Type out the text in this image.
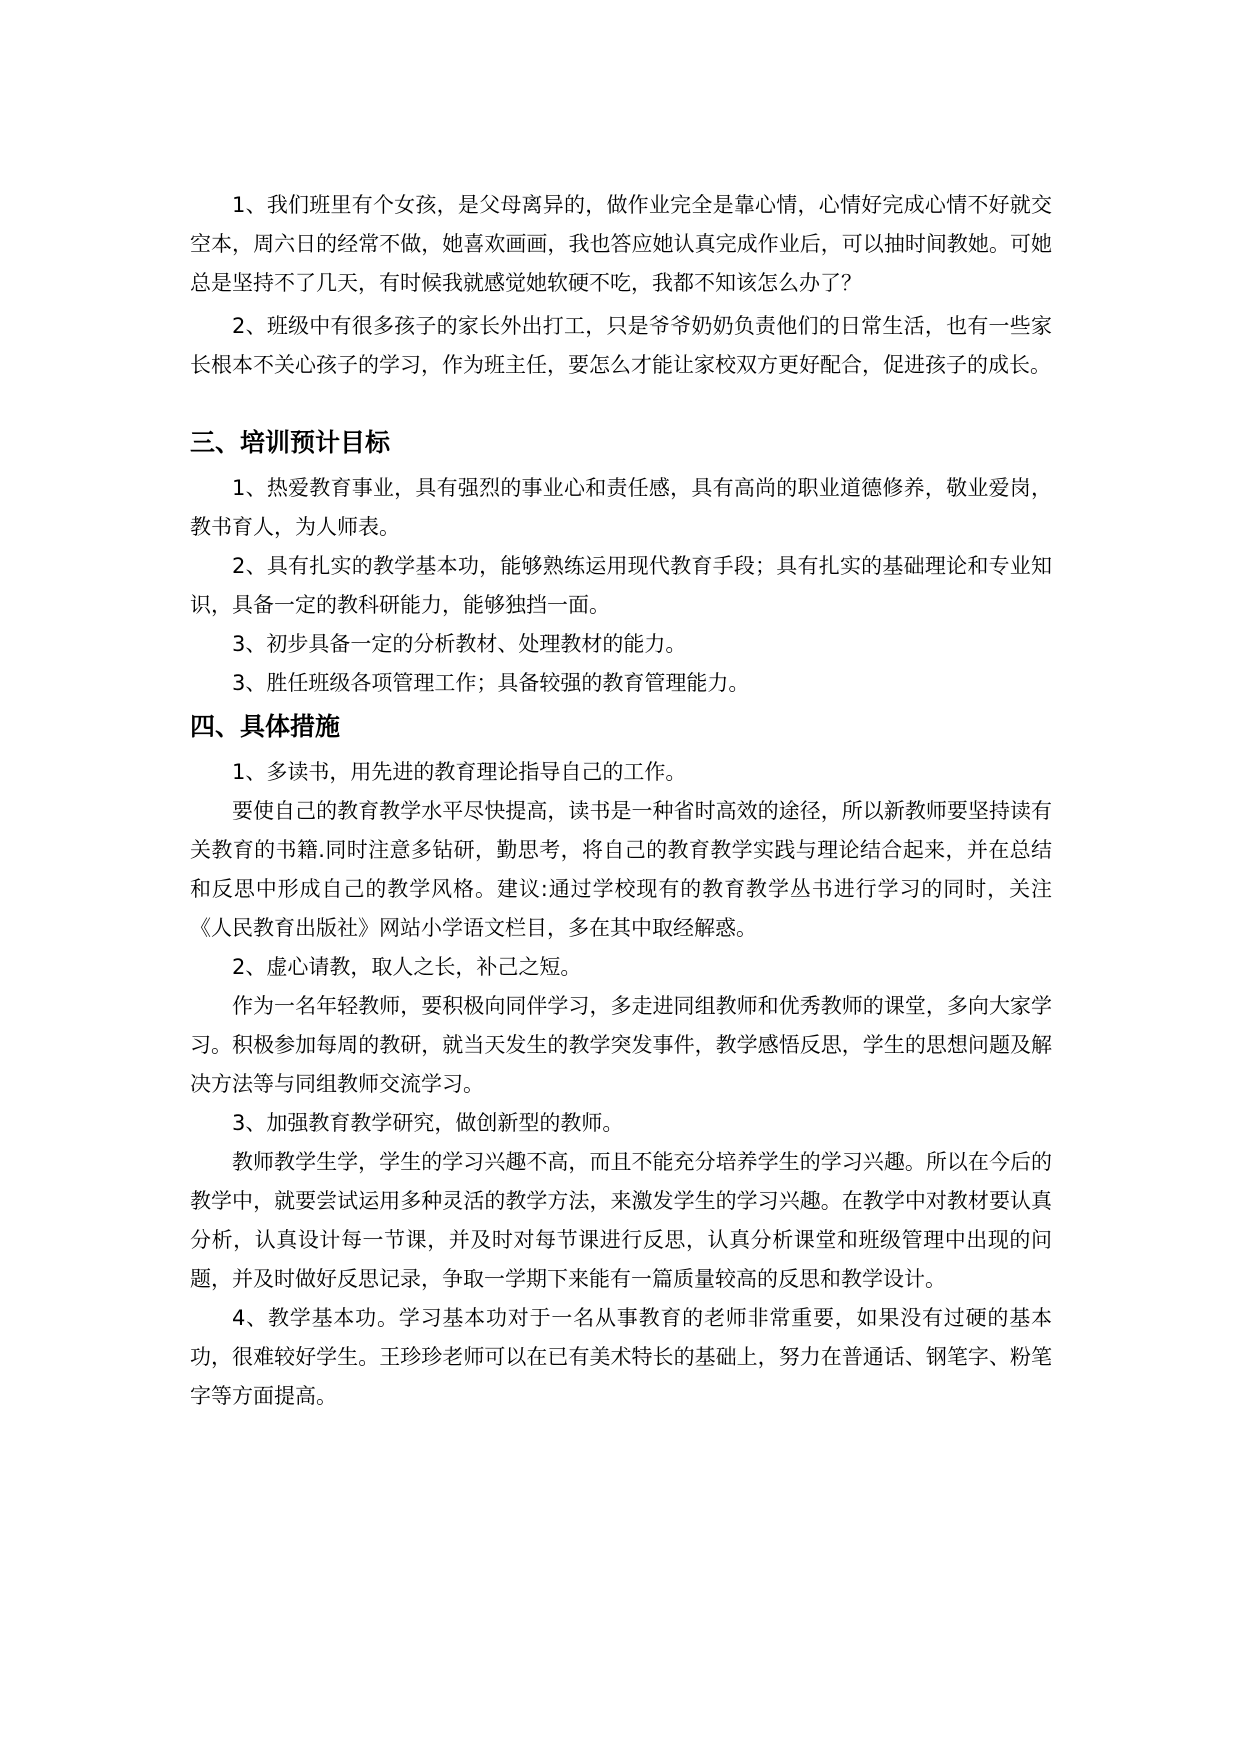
1、我们班里有个女孩，是父母离异的，做作业完全是靠心情，心情好完成心情不好就交空本，周六日的经常不做，她喜欢画画，我也答应她认真完成作业后，可以抽时间教她。可她总是坚持不了几天，有时候我就感觉她软硬不吃，我都不知该怎么办了？

2、班级中有很多孩子的家长外出打工，只是爷爷奶奶负责他们的日常生活，也有一些家长根本不关心孩子的学习，作为班主任，要怎么才能让家校双方更好配合，促进孩子的成长。

三、培训预计目标

1、热爱教育事业，具有强烈的事业心和责任感，具有高尚的职业道德修养，敬业爱岗，教书育人，为人师表。

2、具有扎实的教学基本功，能够熟练运用现代教育手段；具有扎实的基础理论和专业知识，具备一定的教科研能力，能够独挡一面。

3、初步具备一定的分析教材、处理教材的能力。

3、胜任班级各项管理工作；具备较强的教育管理能力。

四、具体措施

1、多读书，用先进的教育理论指导自己的工作。

要使自己的教育教学水平尽快提高，读书是一种省时高效的途径，所以新教师要坚持读有关教育的书籍.同时注意多钻研，勤思考，将自己的教育教学实践与理论结合起来，并在总结和反思中形成自己的教学风格。建议:通过学校现有的教育教学丛书进行学习的同时，关注《人民教育出版社》网站小学语文栏目，多在其中取经解惑。

2、虚心请教，取人之长，补己之短。

作为一名年轻教师，要积极向同伴学习，多走进同组教师和优秀教师的课堂，多向大家学习。积极参加每周的教研，就当天发生的教学突发事件，教学感悟反思，学生的思想问题及解决方法等与同组教师交流学习。

3、加强教育教学研究，做创新型的教师。

教师教学生学，学生的学习兴趣不高，而且不能充分培养学生的学习兴趣。所以在今后的教学中，就要尝试运用多种灵活的教学方法，来激发学生的学习兴趣。在教学中对教材要认真分析，认真设计每一节课，并及时对每节课进行反思，认真分析课堂和班级管理中出现的问题，并及时做好反思记录，争取一学期下来能有一篇质量较高的反思和教学设计。

4、教学基本功。学习基本功对于一名从事教育的老师非常重要，如果没有过硬的基本功，很难较好学生。王珍珍老师可以在已有美术特长的基础上，努力在普通话、钢笔字、粉笔字等方面提高。
